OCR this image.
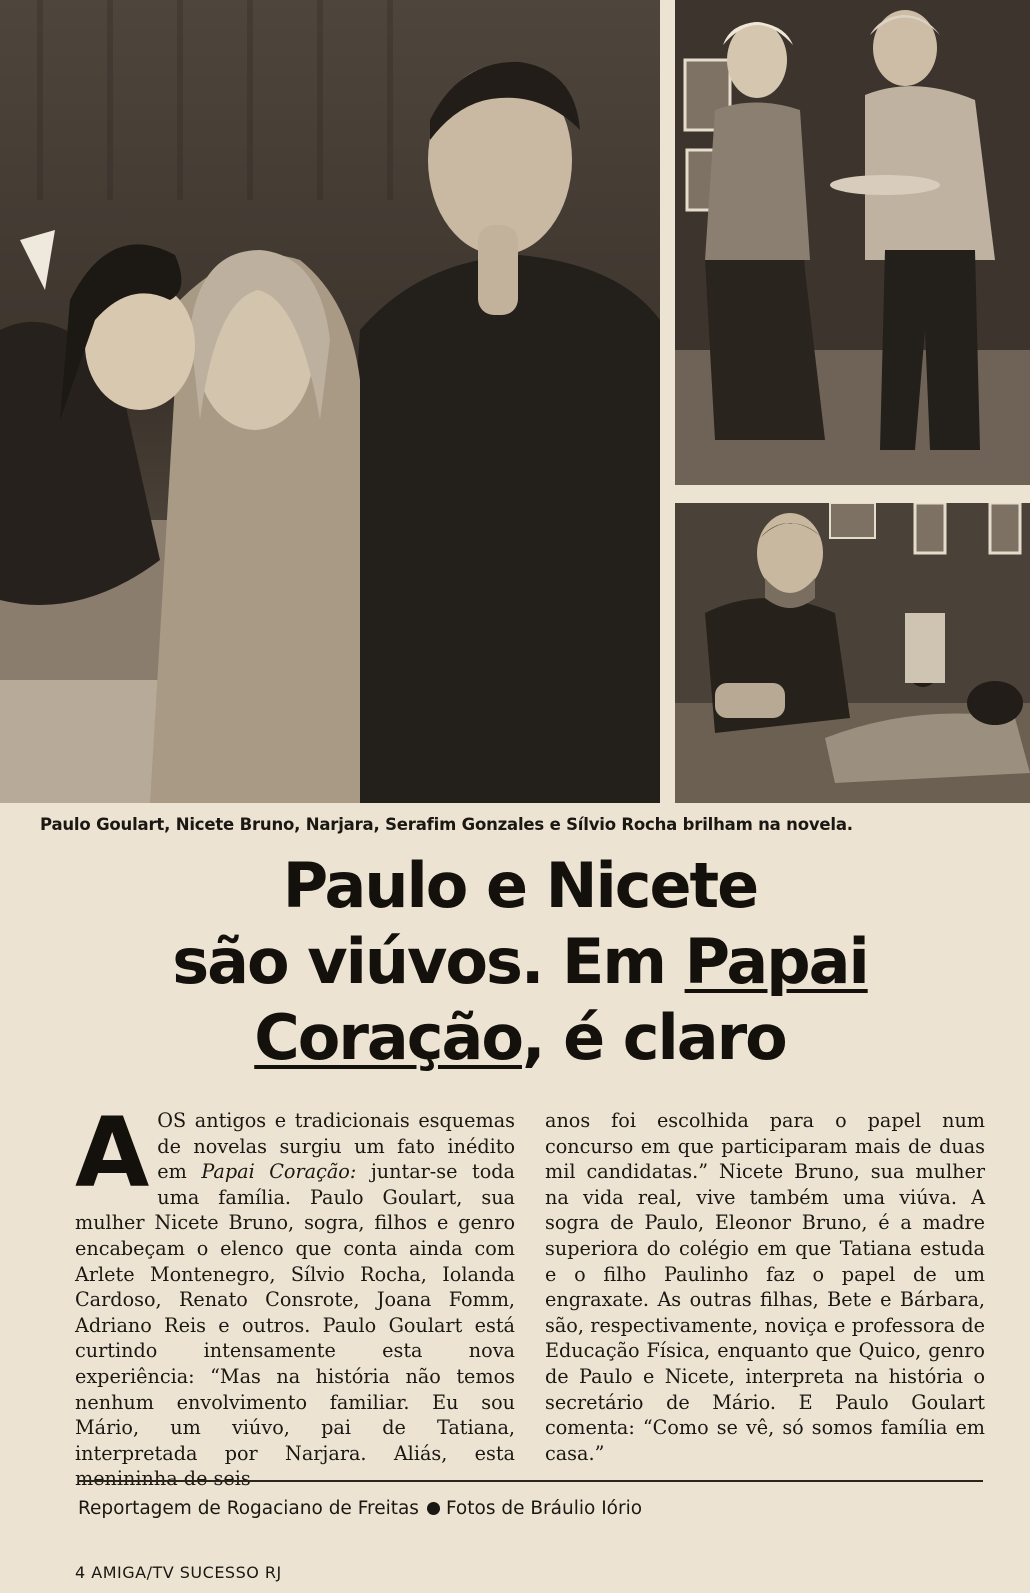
Paulo Goulart, Nicete Bruno, Narjara, Serafim Gonzales e Sílvio Rocha brilham na novela.
Paulo e Nicete
são viúvos. Em Papai
Coração, é claro
A OS antigos e tradicionais esquemas de novelas surgiu um fato inédito em Papai Coração: juntar-se toda uma família. Paulo Goulart, sua mulher Nicete Bruno, sogra, filhos e genro encabeçam o elenco que conta ainda com Arlete Montenegro, Sílvio Rocha, Iolanda Cardoso, Renato Consrote, Joana Fomm, Adriano Reis e outros. Paulo Goulart está curtindo intensamente esta nova experiência: “Mas na história não temos nenhum envolvimento familiar. Eu sou Mário, um viúvo, pai de Tatiana, interpretada por Narjara. Aliás, esta menininha de seis

anos foi escolhida para o papel num concurso em que participaram mais de duas mil candidatas.” Nicete Bruno, sua mulher na vida real, vive também uma viúva. A sogra de Paulo, Eleonor Bruno, é a madre superiora do colégio em que Tatiana estuda e o filho Paulinho faz o papel de um engraxate. As outras filhas, Bete e Bárbara, são, respectivamente, noviça e professora de Educação Física, enquanto que Quico, genro de Paulo e Nicete, interpreta na história o secretário de Mário. E Paulo Goulart comenta: “Como se vê, só somos família em casa.”

Reportagem de Rogaciano de Freitas Fotos de Bráulio Iório
4 AMIGA/TV SUCESSO RJ
